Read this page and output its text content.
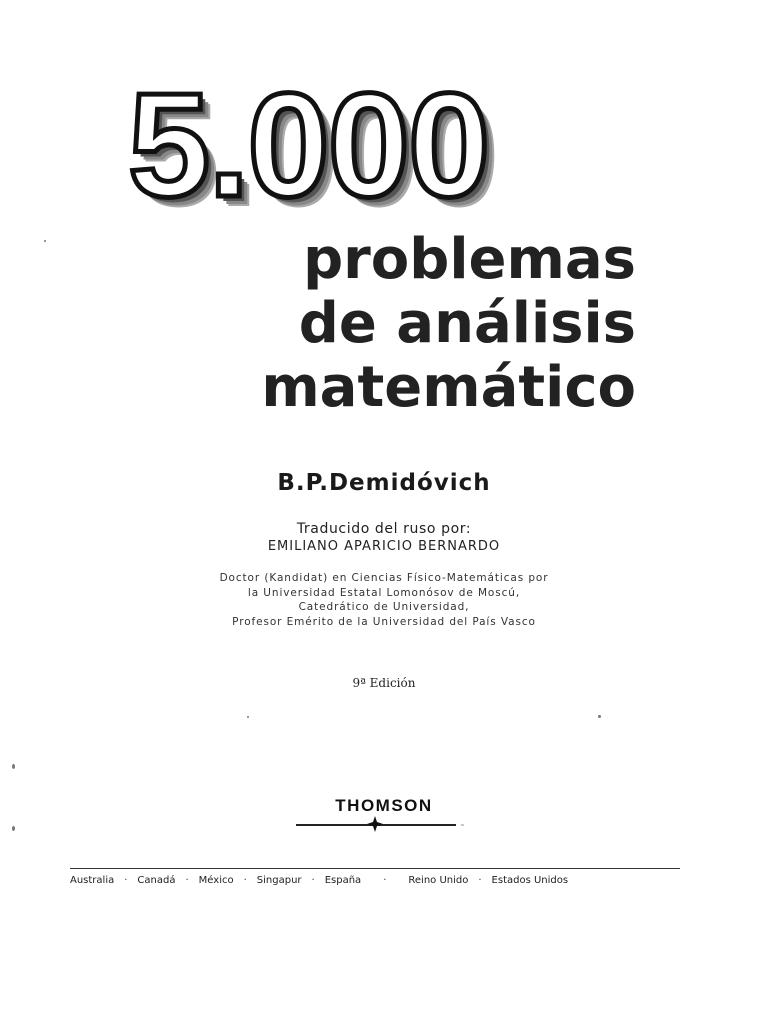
5.000
problemas
de análisis
matemático
B.P.Demidóvich
Traducido del ruso por:
EMILIANO APARICIO BERNARDO
Doctor (Kandidat) en Ciencias Físico-Matemáticas por
la Universidad Estatal Lomonósov de Moscú,
Catedrático de Universidad,
Profesor Emérito de la Universidad del País Vasco
9ª Edición
THOMSON
™
Australia · Canadá · México · Singapur · España · Reino Unido · Estados Unidos
